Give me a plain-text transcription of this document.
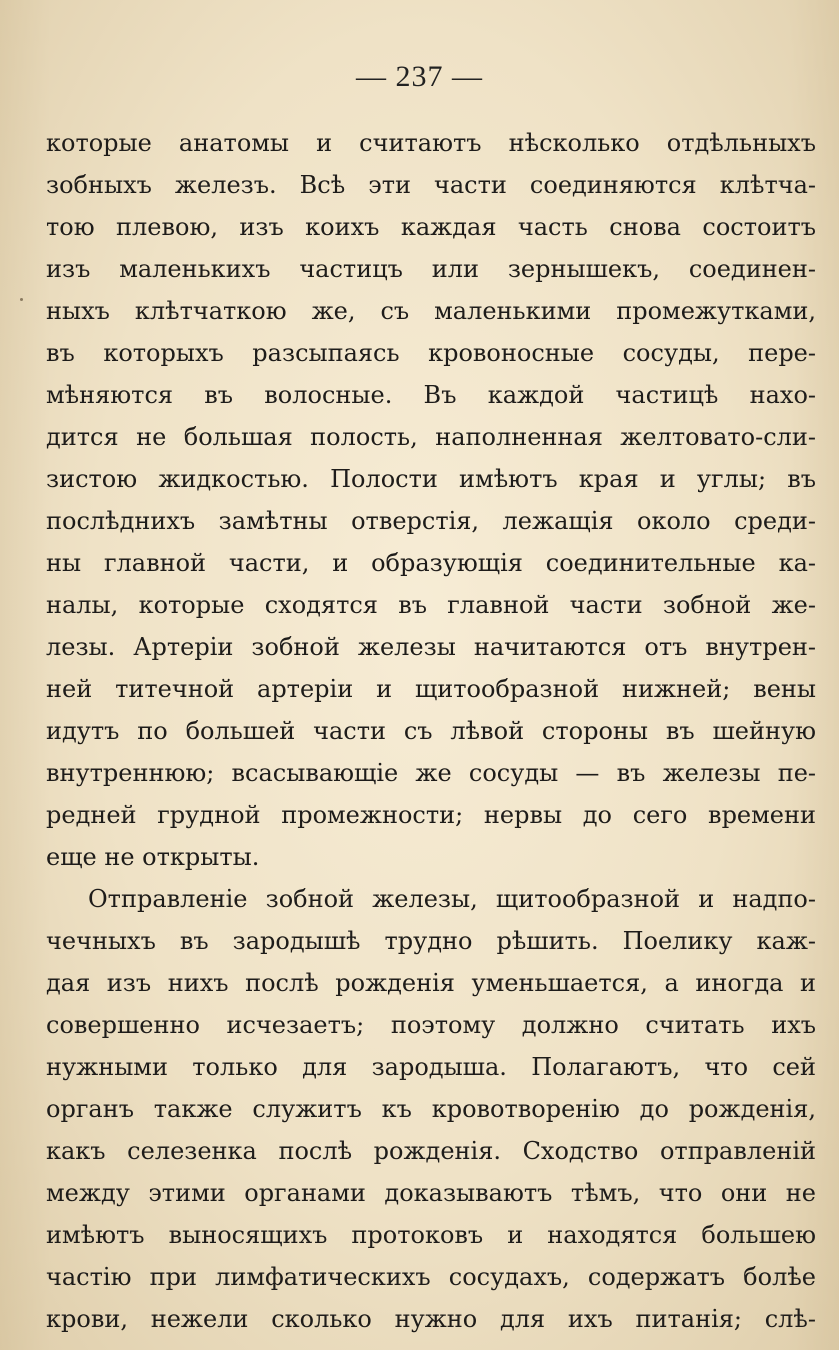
— 237 —
которые анатомы и считаютъ нѣсколько отдѣльныхъ
зобныхъ железъ. Всѣ эти части соединяются клѣтча-
тою плевою, изъ коихъ каждая часть снова состоитъ
изъ маленькихъ частицъ или зернышекъ, соединен-
ныхъ клѣтчаткою же, съ маленькими промежутками,
въ которыхъ разсыпаясь кровоносные сосуды, пере-
мѣняются въ волосные. Въ каждой частицѣ нахо-
дится не большая полость, наполненная желтовато-сли-
зистою жидкостью. Полости имѣютъ края и углы; въ
послѣднихъ замѣтны отверстія, лежащія около среди-
ны главной части, и образующія соединительные ка-
налы, которые сходятся въ главной части зобной же-
лезы. Артеріи зобной железы начитаются отъ внутрен-
ней титечной артеріи и щитообразной нижней; вены
идутъ по большей части съ лѣвой стороны въ шейную
внутреннюю; всасывающіе же сосуды — въ железы пе-
редней грудной промежности; нервы до сего времени
еще не открыты.
Отправленіе зобной железы, щитообразной и надпо-
чечныхъ въ зародышѣ трудно рѣшить. Поелику каж-
дая изъ нихъ послѣ рожденія уменьшается, а иногда и
совершенно исчезаетъ; поэтому должно считать ихъ
нужными только для зародыша. Полагаютъ, что сей
органъ также служитъ къ кровотворенію до рожденія,
какъ селезенка послѣ рожденія. Сходство отправленій
между этими органами доказываютъ тѣмъ, что они не
имѣютъ выносящихъ протоковъ и находятся большею
частію при лимфатическихъ сосудахъ, содержатъ болѣе
крови, нежели сколько нужно для ихъ питанія; слѣ-
